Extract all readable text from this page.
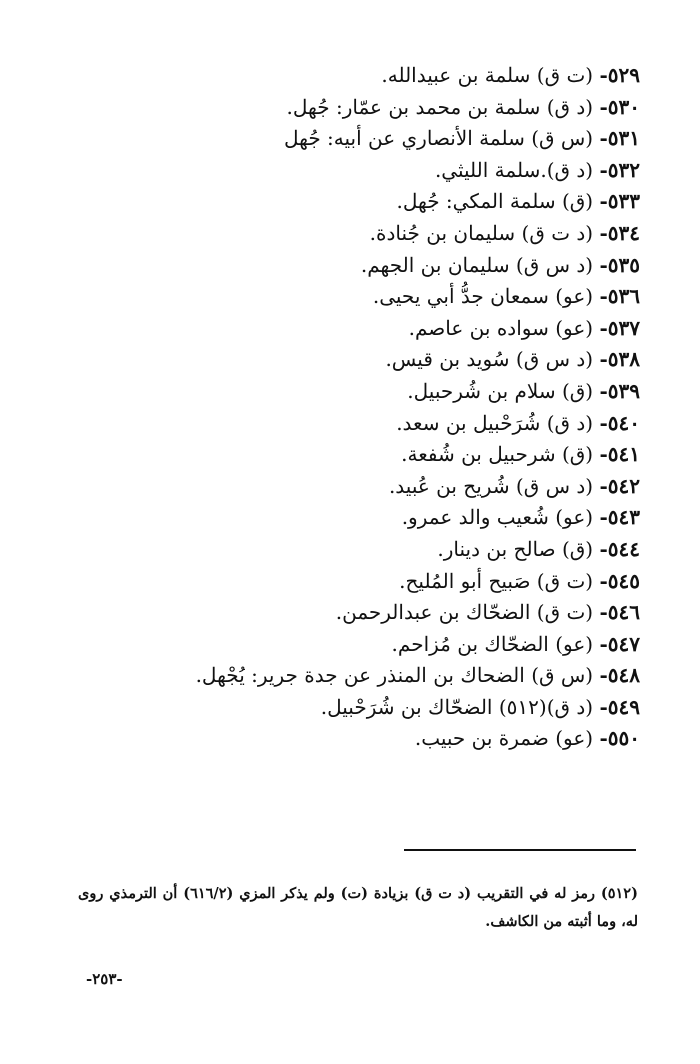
٥٢٩- (ت ق) سلمة بن عبيدالله.
٥٣٠- (د ق) سلمة بن محمد بن عمّار: جُهل.
٥٣١- (س ق) سلمة الأنصاري عن أبيه: جُهل
٥٣٢- (د ق).سلمة الليثي.
٥٣٣- (ق) سلمة المكي: جُهل.
٥٣٤- (د ت ق) سليمان بن جُنادة.
٥٣٥- (د س ق) سليمان بن الجهم.
٥٣٦- (عو) سمعان جدُّ أبي يحيى.
٥٣٧- (عو) سواده بن عاصم.
٥٣٨- (د س ق) سُويد بن قيس.
٥٣٩- (ق) سلام بن شُرحبيل.
٥٤٠- (د ق) شُرَحْبيل بن سعد.
٥٤١- (ق) شرحبيل بن شُفعة.
٥٤٢- (د س ق) شُريح بن عُبيد.
٥٤٣- (عو) شُعيب والد عمرو.
٥٤٤- (ق) صالح بن دينار.
٥٤٥- (ت ق) صَبيح أبو المُليح.
٥٤٦- (ت ق) الضحّاك بن عبدالرحمن.
٥٤٧- (عو) الضحّاك بن مُزاحم.
٥٤٨- (س ق) الضحاك بن المنذر عن جدة جرير: يُجْهل.
٥٤٩- (د ق)(٥١٢) الضحّاك بن شُرَحْبيل.
٥٥٠- (عو) ضمرة بن حبيب.
(٥١٢) رمز له في التقريب (د ت ق) بزيادة (ت) ولم يذكر المزي (٦١٦/٢) أن الترمذي روى له، وما أثبته من الكاشف.
-٢٥٣-
